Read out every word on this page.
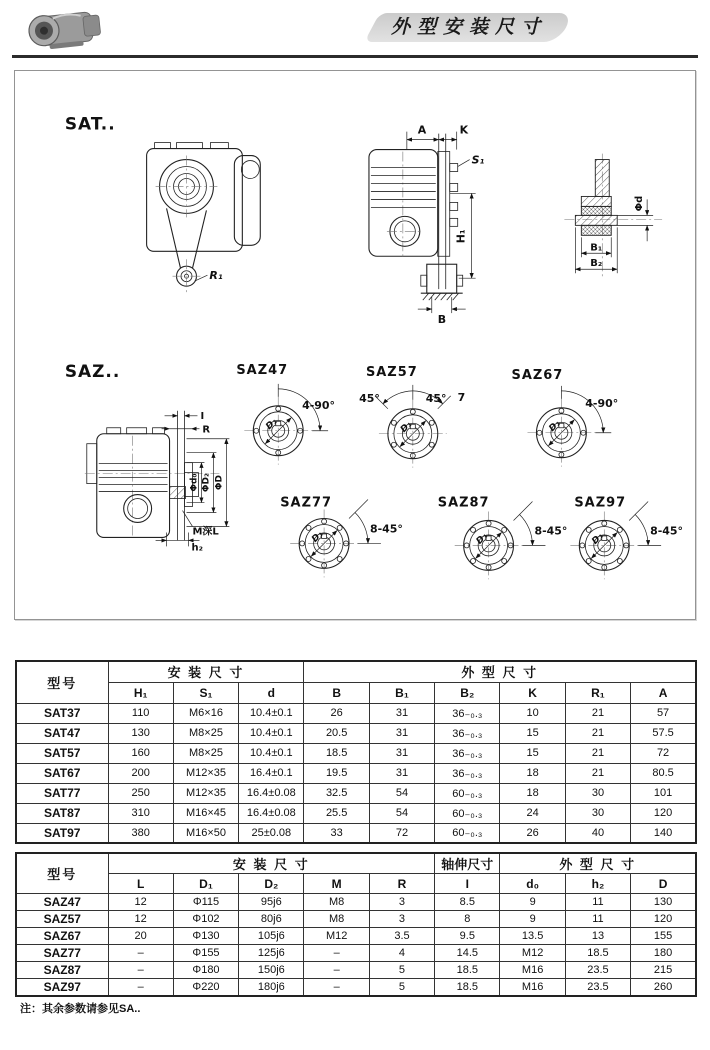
外型安装尺寸
SAT..
R₁
A	K
S₁
H₁
B
Φd
B₁
B₂
SAZ..
I
R
Φd₀ ΦD₂ ΦD
M深L
h₂
SAZ47
D₁
4-90°
SAZ57
D₁
45°	45° 7
SAZ67
D₁
4-90°
SAZ77
D₁
8-45°
SAZ87
D₁
8-45°
SAZ97
D₁
8-45°
型号	安 装 尺 寸			外 型 尺 寸					
	H₁	S₁	d	B	B₁	B₂	K	R₁	A
SAT37	110	M6×16	10.4±0.1	26	31	36₋₀.₃	10	21	57
SAT47	130	M8×25	10.4±0.1	20.5	31	36₋₀.₃	15	21	57.5
SAT57	160	M8×25	10.4±0.1	18.5	31	36₋₀.₃	15	21	72
SAT67	200	M12×35	16.4±0.1	19.5	31	36₋₀.₃	18	21	80.5
SAT77	250	M12×35	16.4±0.08	32.5	54	60₋₀.₃	18	30	101
SAT87	310	M16×45	16.4±0.08	25.5	54	60₋₀.₃	24	30	120
SAT97	380	M16×50	25±0.08	33	72	60₋₀.₃	26	40	140
型号	安 装 尺 寸					轴伸尺寸	外 型 尺 寸		
	L	D₁	D₂	M	R	I	d₀	h₂	D
SAZ47	12	Φ115	95j6	M8	3	8.5	9	11	130
SAZ57	12	Φ102	80j6	M8	3	8	9	11	120
SAZ67	20	Φ130	105j6	M12	3.5	9.5	13.5	13	155
SAZ77	–	Φ155	125j6	–	4	14.5	M12	18.5	180
SAZ87	–	Φ180	150j6	–	5	18.5	M16	23.5	215
SAZ97	–	Φ220	180j6	–	5	18.5	M16	23.5	260
注：其余参数请参见SA..
